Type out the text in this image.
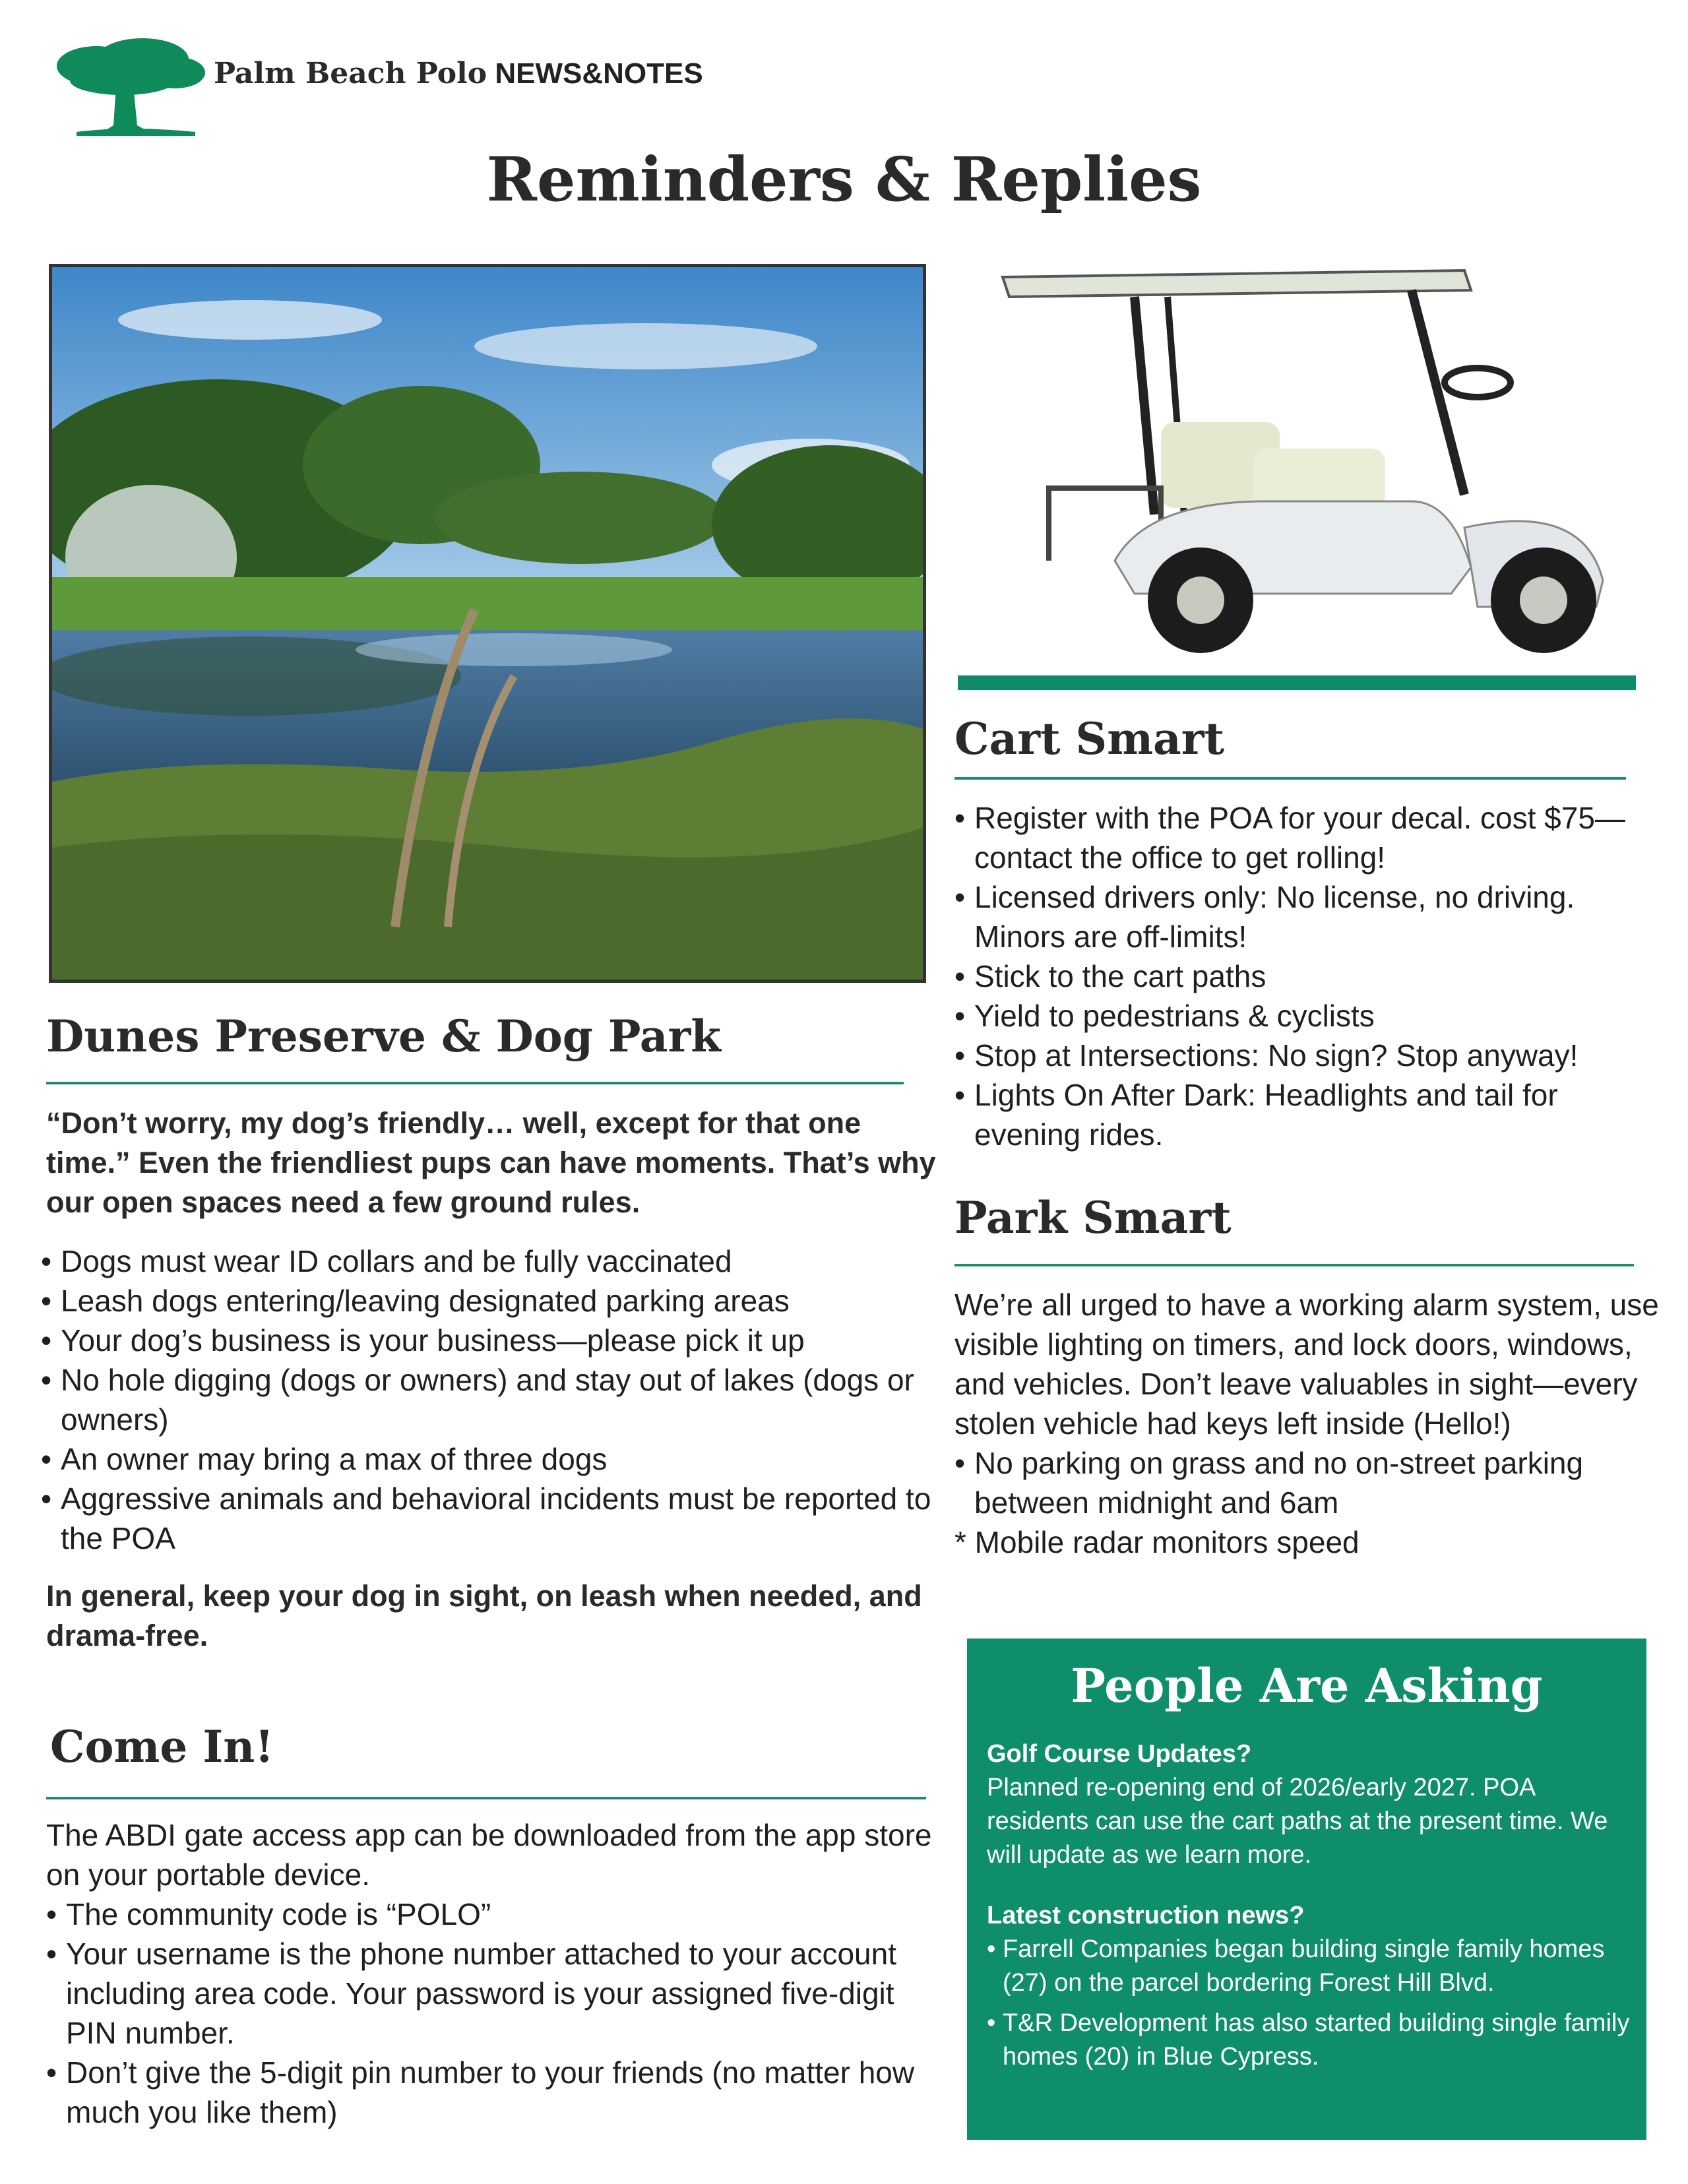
Palm Beach Polo NEWS&NOTES
Reminders & Replies
Dunes Preserve & Dog Park
“Don’t worry, my dog’s friendly… well, except for that one time.” Even the friendliest pups can have moments. That’s why our open spaces need a few ground rules.
• Dogs must wear ID collars and be fully vaccinated
• Leash dogs entering/leaving designated parking areas
• Your dog’s business is your business—please pick it up
• No hole digging (dogs or owners) and stay out of lakes (dogs or owners)
• An owner may bring a max of three dogs
• Aggressive animals and behavioral incidents must be reported to the POA
In general, keep your dog in sight, on leash when needed, and drama-free.
Come In!
The ABDI gate access app can be downloaded from the app store on your portable device.
• The community code is “POLO”
• Your username is the phone number attached to your account including area code. Your password is your assigned five-digit PIN number.
• Don’t give the 5-digit pin number to your friends (no matter how much you like them)
Cart Smart
• Register with the POA for your decal. cost $75—contact the office to get rolling!
• Licensed drivers only: No license, no driving. Minors are off-limits!
• Stick to the cart paths
• Yield to pedestrians & cyclists
• Stop at Intersections: No sign? Stop anyway!
• Lights On After Dark: Headlights and tail for evening rides.
Park Smart
We’re all urged to have a working alarm system, use visible lighting on timers, and lock doors, windows, and vehicles. Don’t leave valuables in sight—every stolen vehicle had keys left inside (Hello!)
• No parking on grass and no on-street parking between midnight and 6am
* Mobile radar monitors speed
People Are Asking
Golf Course Updates?
Planned re-opening end of 2026/early 2027. POA residents can use the cart paths at the present time. We will update as we learn more.
Latest construction news?
• Farrell Companies began building single family homes (27) on the parcel bordering Forest Hill Blvd.
• T&R Development has also started building single family homes (20) in Blue Cypress.
